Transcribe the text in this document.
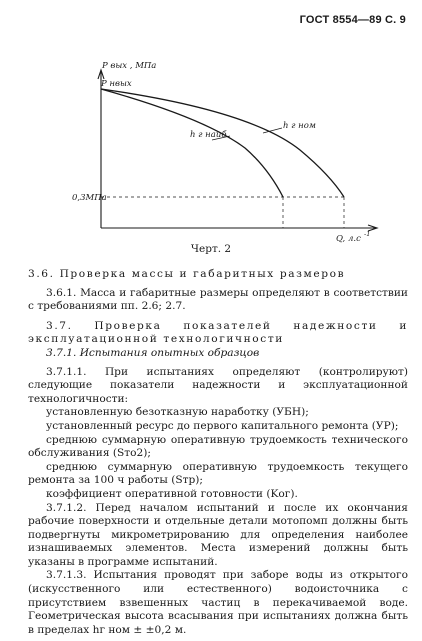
ГОСТ 8554—89 С. 9
P вых , МПа
P нвых
0,3МПа
Q, л.с -1
h г ном
h г наиб.
Черт. 2

3.6. Проверка массы и габаритных размеров

3.6.1. Масса и габаритные размеры определяют в соответствии с требованиями пп. 2.6; 2.7.

3.7. Проверка показателей надежности и эксплуатационной технологичности

3.7.1. Испытания опытных образцов

3.7.1.1. При испытаниях определяют (контролируют) следующие показатели надежности и эксплуатационной технологичности:

установленную безотказную наработку (УБН);

установленный ресурс до первого капитального ремонта (УР);

среднюю суммарную оперативную трудоемкость технического обслуживания (Sто2);

среднюю суммарную оперативную трудоемкость текущего ремонта за 100 ч работы (Sтр);

коэффициент оперативной готовности (Kог).

3.7.1.2. Перед началом испытаний и после их окончания рабочие поверхности и отдельные детали мотопомп должны быть подвергнуты микрометрированию для определения наиболее изнашиваемых элементов. Места измерений должны быть указаны в программе испытаний.

3.7.1.3. Испытания проводят при заборе воды из открытого (искусственного или естественного) водоисточника с присутствием взвешенных частиц в перекачиваемой воде. Геометрическая высота всасывания при испытаниях должна быть в пределах hг ном ± ±0,2 м.
